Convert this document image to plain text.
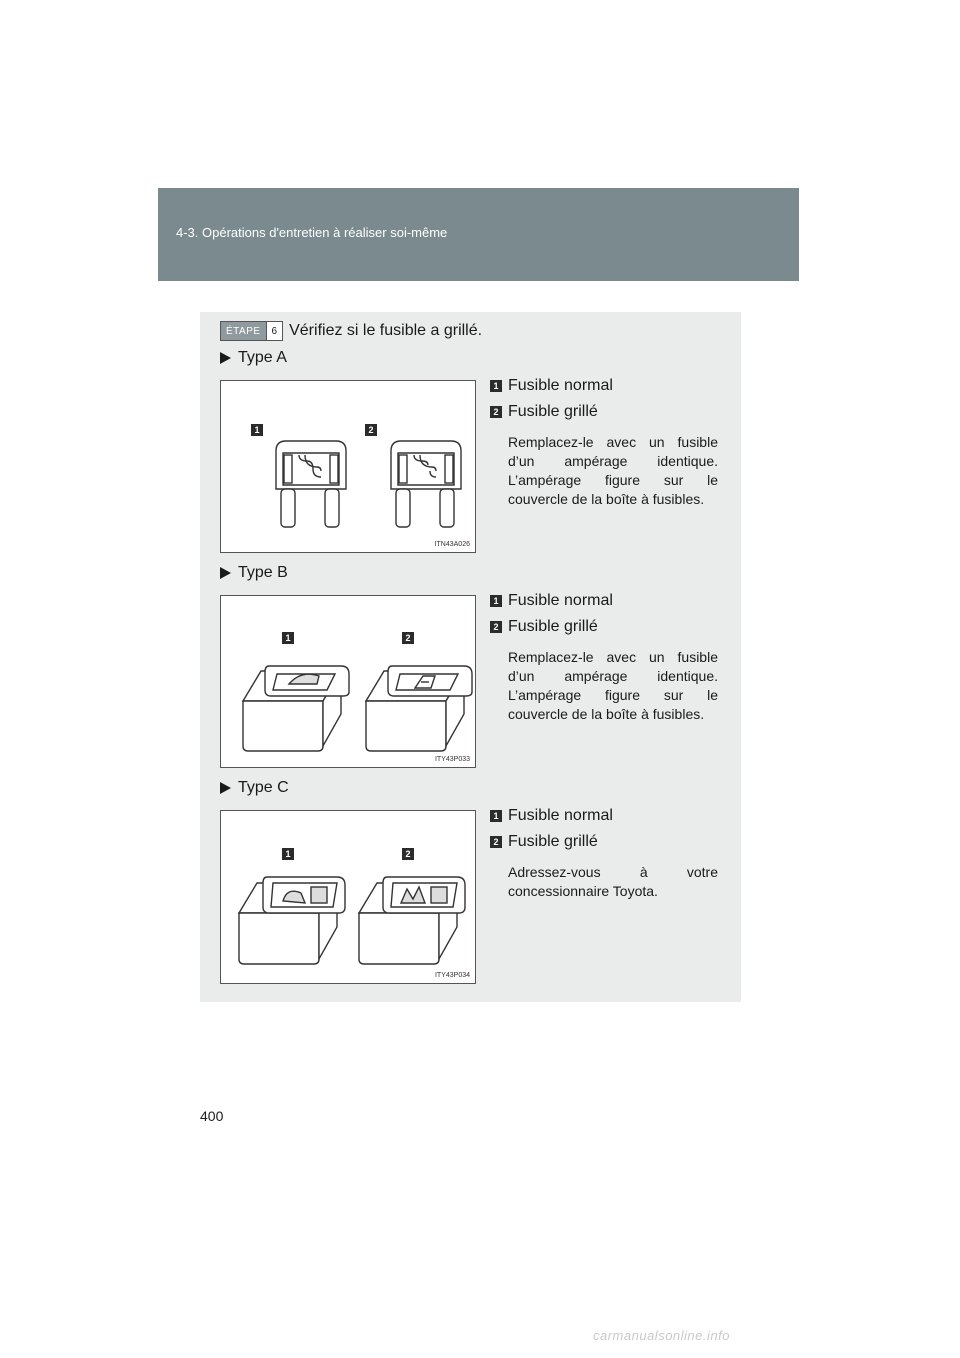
4-3. Opérations d'entretien à réaliser soi-même
ÉTAPE	6 Vérifiez si le fusible a grillé.
Type A
1	2
ITN43A026
1 Fusible normal
2 Fusible grillé

Remplacez-le avec un fusible d’un ampérage identique. L’ampérage figure sur le couvercle de la boîte à fusibles.

Type B
1	2
ITY43P033
1 Fusible normal
2 Fusible grillé

Remplacez-le avec un fusible d’un ampérage identique. L’ampérage figure sur le couvercle de la boîte à fusibles.

Type C
1	2
ITY43P034
1 Fusible normal
2 Fusible grillé

Adressez-vous à votre concessionnaire Toyota.

400
carmanualsonline.info
